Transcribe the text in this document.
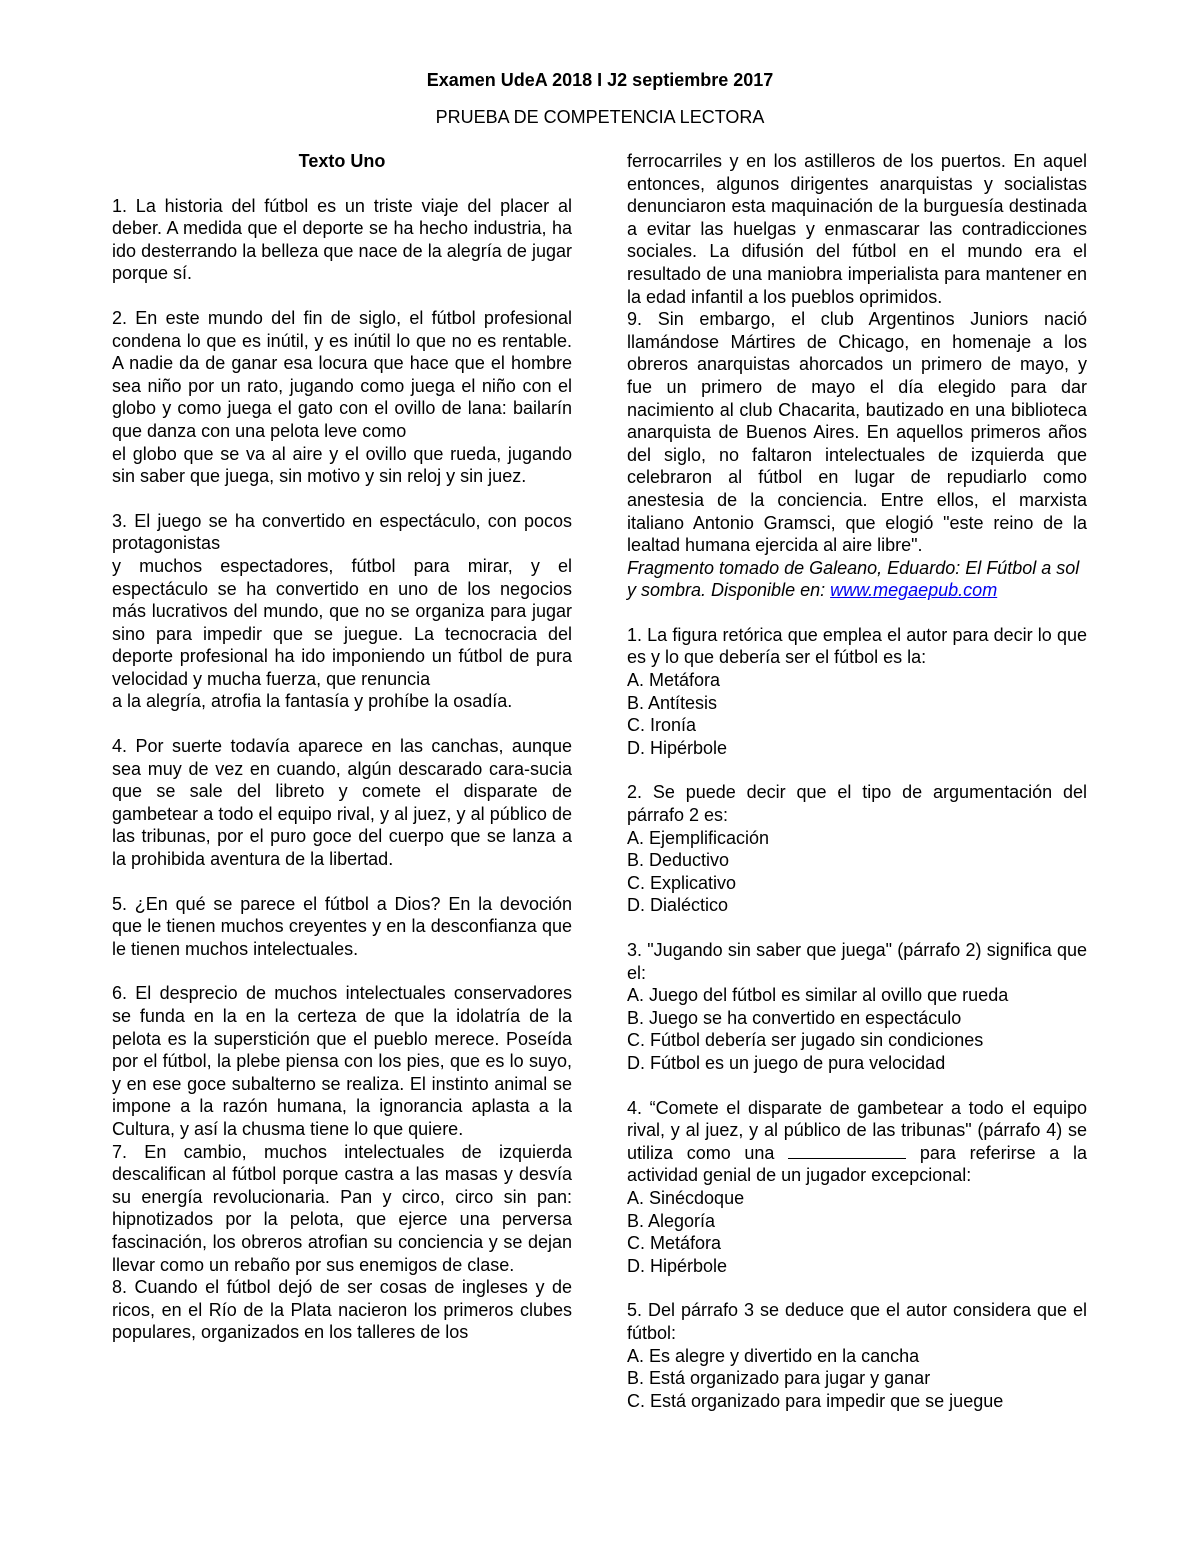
Examen UdeA 2018 I J2 septiembre 2017
PRUEBA DE COMPETENCIA LECTORA

Texto Uno

1. La historia del fútbol es un triste viaje del placer al deber. A medida que el deporte se ha hecho industria, ha ido desterrando la belleza que nace de la alegría de jugar porque sí.

2. En este mundo del fin de siglo, el fútbol profesional condena lo que es inútil, y es inútil lo que no es rentable. A nadie da de ganar esa locura que hace que el hombre sea niño por un rato, jugando como juega el niño con el globo y como juega el gato con el ovillo de lana: bailarín que danza con una pelota leve como

el globo que se va al aire y el ovillo que rueda, jugando sin saber que juega, sin motivo y sin reloj y sin juez.

3. El juego se ha convertido en espectáculo, con pocos protagonistas

y muchos espectadores, fútbol para mirar, y el espectáculo se ha convertido en uno de los negocios más lucrativos del mundo, que no se organiza para jugar sino para impedir que se juegue. La tecnocracia del deporte profesional ha ido imponiendo un fútbol de pura velocidad y mucha fuerza, que renuncia

a la alegría, atrofia la fantasía y prohíbe la osadía.

4. Por suerte todavía aparece en las canchas, aunque sea muy de vez en cuando, algún descarado cara-sucia que se sale del libreto y comete el disparate de gambetear a todo el equipo rival, y al juez, y al público de las tribunas, por el puro goce del cuerpo que se lanza a la prohibida aventura de la libertad.

5. ¿En qué se parece el fútbol a Dios? En la devoción que le tienen muchos creyentes y en la desconfianza que le tienen muchos intelectuales.

6. El desprecio de muchos intelectuales conservadores se funda en la en la certeza de que la idolatría de la pelota es la superstición que el pueblo merece. Poseída por el fútbol, la plebe piensa con los pies, que es lo suyo, y en ese goce subalterno se realiza. El instinto animal se impone a la razón humana, la ignorancia aplasta a la Cultura, y así la chusma tiene lo que quiere.

7. En cambio, muchos intelectuales de izquierda descalifican al fútbol porque castra a las masas y desvía su energía revolucionaria. Pan y circo, circo sin pan: hipnotizados por la pelota, que ejerce una perversa fascinación, los obreros atrofian su conciencia y se dejan llevar como un rebaño por sus enemigos de clase.

8. Cuando el fútbol dejó de ser cosas de ingleses y de ricos, en el Río de la Plata nacieron los primeros clubes populares, organizados en los talleres de los

ferrocarriles y en los astilleros de los puertos. En aquel entonces, algunos dirigentes anarquistas y socialistas denunciaron esta maquinación de la burguesía destinada a evitar las huelgas y enmascarar las contradicciones sociales. La difusión del fútbol en el mundo era el resultado de una maniobra imperialista para mantener en la edad infantil a los pueblos oprimidos.

9. Sin embargo, el club Argentinos Juniors nació llamándose Mártires de Chicago, en homenaje a los obreros anarquistas ahorcados un primero de mayo, y fue un primero de mayo el día elegido para dar nacimiento al club Chacarita, bautizado en una biblioteca anarquista de Buenos Aires. En aquellos primeros años del siglo, no faltaron intelectuales de izquierda que celebraron al fútbol en lugar de repudiarlo como anestesia de la conciencia. Entre ellos, el marxista italiano Antonio Gramsci, que elogió "este reino de la lealtad humana ejercida al aire libre".

Fragmento tomado de Galeano, Eduardo: El Fútbol a sol y sombra. Disponible en: www.megaepub.com

1. La figura retórica que emplea el autor para decir lo que es y lo que debería ser el fútbol es la:

A. Metáfora

B. Antítesis

C. Ironía

D. Hipérbole

2. Se puede decir que el tipo de argumentación del párrafo 2 es:

A. Ejemplificación

B. Deductivo

C. Explicativo

D. Dialéctico

3. "Jugando sin saber que juega" (párrafo 2) significa que el:

A. Juego del fútbol es similar al ovillo que rueda

B. Juego se ha convertido en espectáculo

C. Fútbol debería ser jugado sin condiciones

D. Fútbol es un juego de pura velocidad

4. “Comete el disparate de gambetear a todo el equipo rival, y al juez, y al público de las tribunas" (párrafo 4) se utiliza como una	para referirse a la actividad genial de un jugador excepcional:

A. Sinécdoque

B. Alegoría

C. Metáfora

D. Hipérbole

5. Del párrafo 3 se deduce que el autor considera que el fútbol:

A. Es alegre y divertido en la cancha

B. Está organizado para jugar y ganar

C. Está organizado para impedir que se juegue
